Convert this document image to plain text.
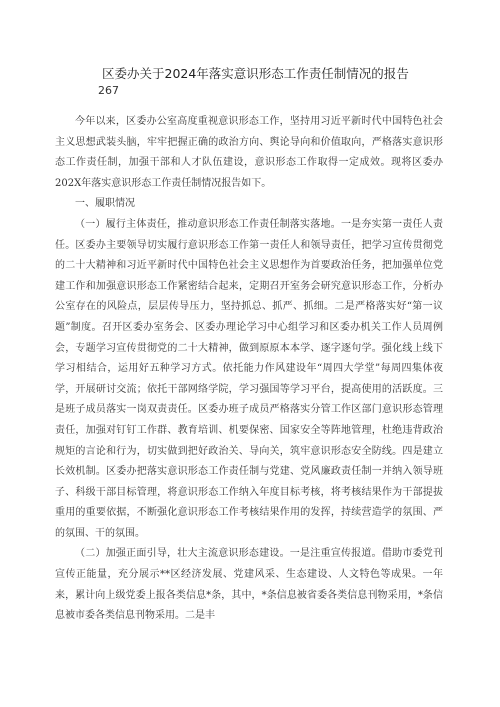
区委办关于2024年落实意识形态工作责任制情况的报告
267

今年以来，区委办公室高度重视意识形态工作，坚持用习近平新时代中国特色社会主义思想武装头脑，牢牢把握正确的政治方向、舆论导向和价值取向，严格落实意识形态工作责任制，加强干部和人才队伍建设，意识形态工作取得一定成效。现将区委办202X年落实意识形态工作责任制情况报告如下。

一、履职情况

（一）履行主体责任，推动意识形态工作责任制落实落地。一是夯实第一责任人责任。区委办主要领导切实履行意识形态工作第一责任人和领导责任，把学习宣传贯彻党的二十大精神和习近平新时代中国特色社会主义思想作为首要政治任务，把加强单位党建工作和加强意识形态工作紧密结合起来，定期召开室务会研究意识形态工作，分析办公室存在的风险点，层层传导压力，坚持抓总、抓严、抓细。二是严格落实好“第一议题”制度。召开区委办室务会、区委办理论学习中心组学习和区委办机关工作人员周例会，专题学习宣传贯彻党的二十大精神，做到原原本本学、逐字逐句学。强化线上线下学习相结合，运用好五种学习方式。依托能力作风建设年“周四大学堂”每周四集体夜学，开展研讨交流；依托干部网络学院，学习强国等学习平台，提高使用的活跃度。三是班子成员落实一岗双责责任。区委办班子成员严格落实分管工作区部门意识形态管理责任，加强对钉钉工作群、教育培训、机要保密、国家安全等阵地管理，杜绝违背政治规矩的言论和行为，切实做到把好政治关、导向关，筑牢意识形态安全防线。四是建立长效机制。区委办把落实意识形态工作责任制与党建、党风廉政责任制一并纳入领导班子、科级干部目标管理，将意识形态工作纳入年度目标考核，将考核结果作为干部提拔重用的重要依据，不断强化意识形态工作考核结果作用的发挥，持续营造学的氛围、严的氛围、干的氛围。

（二）加强正面引导，壮大主流意识形态建设。一是注重宣传报道。借助市委党刊宣传正能量，充分展示**区经济发展、党建风采、生态建设、人文特色等成果。一年来，累计向上级党委上报各类信息*条，其中，*条信息被省委各类信息刊物采用，*条信息被市委各类信息刊物采用。二是丰
